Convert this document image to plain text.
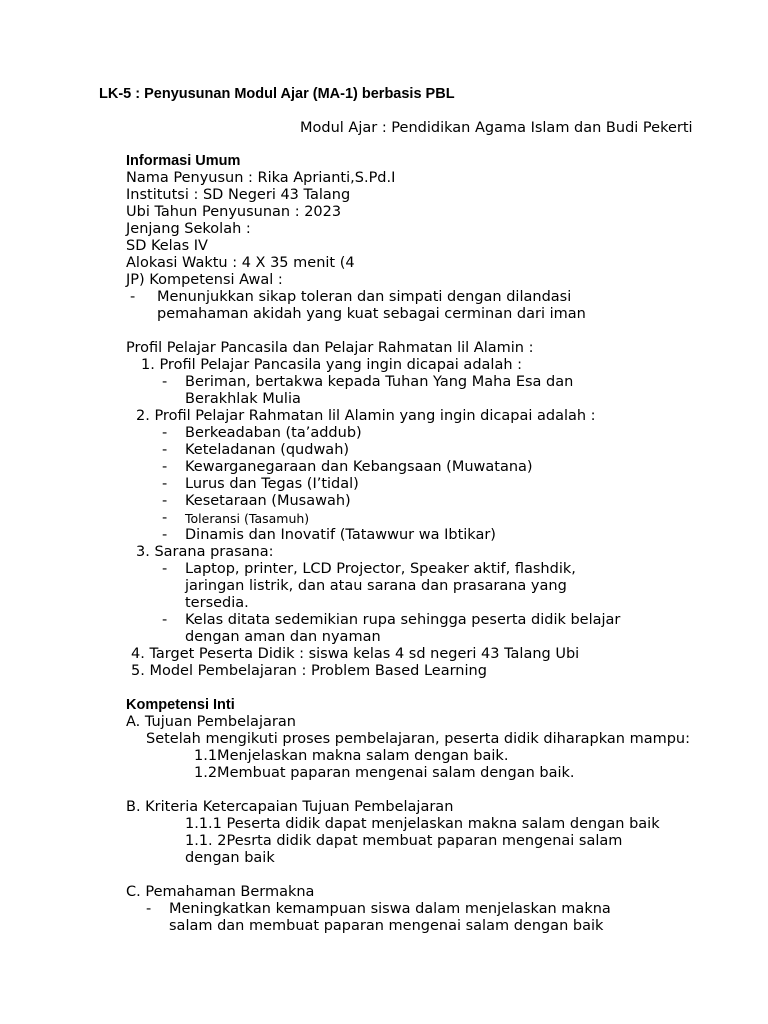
LK-5 : Penyusunan Modul Ajar (MA-1) berbasis PBL
Modul Ajar : Pendidikan Agama Islam dan Budi Pekerti
Informasi Umum
Nama Penyusun : Rika Aprianti,S.Pd.I
Institutsi : SD Negeri 43 Talang
Ubi Tahun Penyusunan : 2023
Jenjang Sekolah :
SD Kelas IV
Alokasi Waktu : 4 X 35 menit (4
JP) Kompetensi Awal :
- Menunjukkan sikap toleran dan simpati dengan dilandasi
pemahaman akidah yang kuat sebagai cerminan dari iman
Profil Pelajar Pancasila dan Pelajar Rahmatan lil Alamin :
1. Profil Pelajar Pancasila yang ingin dicapai adalah :
- Beriman, bertakwa kepada Tuhan Yang Maha Esa dan
Berakhlak Mulia
2. Profil Pelajar Rahmatan lil Alamin yang ingin dicapai adalah :
- Berkeadaban (ta’addub)
- Keteladanan (qudwah)
- Kewarganegaraan dan Kebangsaan (Muwatana)
- Lurus dan Tegas (I’tidal)
- Kesetaraan (Musawah)
- Toleransi (Tasamuh)
- Dinamis dan Inovatif (Tatawwur wa Ibtikar)
3. Sarana prasana:
- Laptop, printer, LCD Projector, Speaker aktif, flashdik,
jaringan listrik, dan atau sarana dan prasarana yang
tersedia.
- Kelas ditata sedemikian rupa sehingga peserta didik belajar
dengan aman dan nyaman
4. Target Peserta Didik : siswa kelas 4 sd negeri 43 Talang Ubi
5. Model Pembelajaran : Problem Based Learning
Kompetensi Inti
A. Tujuan Pembelajaran
Setelah mengikuti proses pembelajaran, peserta didik diharapkan mampu:
1.1Menjelaskan makna salam dengan baik.
1.2Membuat paparan mengenai salam dengan baik.
B. Kriteria Ketercapaian Tujuan Pembelajaran
1.1.1 Peserta didik dapat menjelaskan makna salam dengan baik
1.1. 2Pesrta didik dapat membuat paparan mengenai salam
dengan baik
C. Pemahaman Bermakna
- Meningkatkan kemampuan siswa dalam menjelaskan makna
salam dan membuat paparan mengenai salam dengan baik
